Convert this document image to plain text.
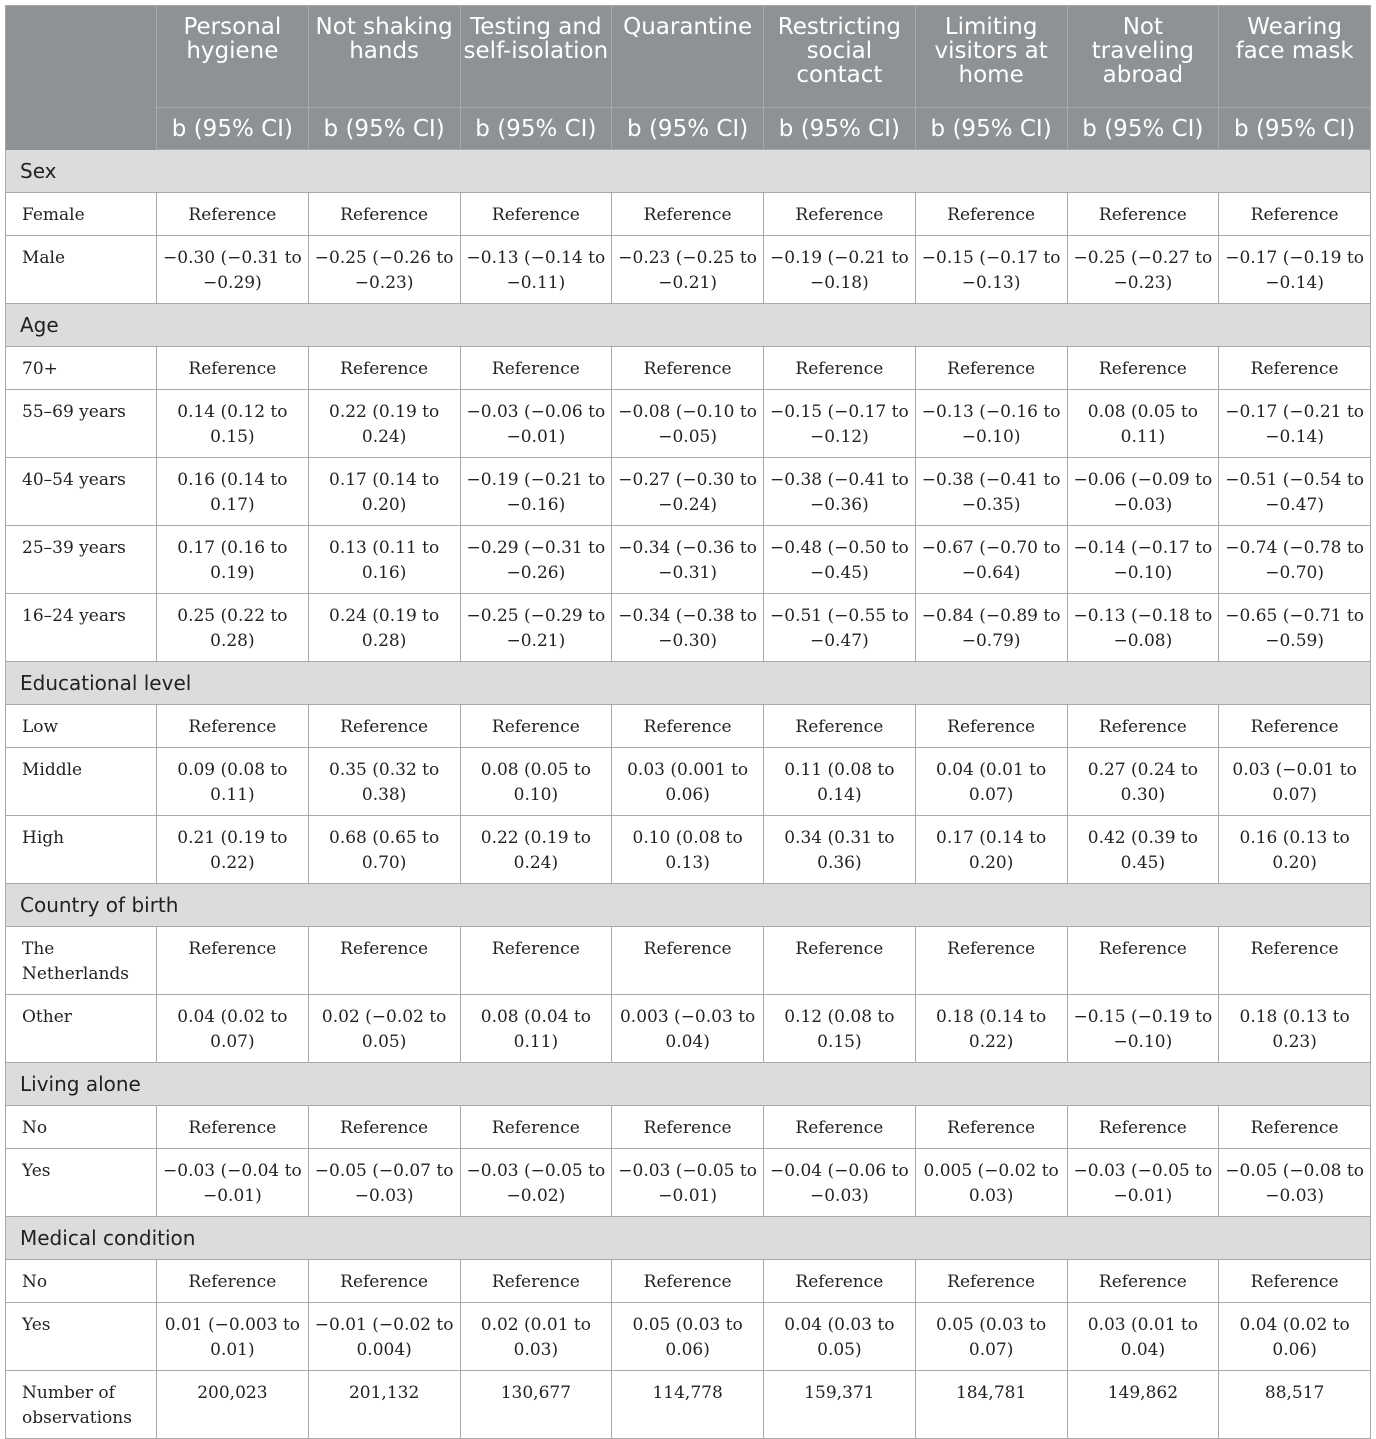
	Personal hygiene	Not shaking hands	Testing and self-isolation	Quarantine	Restricting social contact	Limiting visitors at home	Not traveling abroad	Wearing face mask
	b (95% CI)	b (95% CI)	b (95% CI)	b (95% CI)	b (95% CI)	b (95% CI)	b (95% CI)	b (95% CI)
Sex								
Female	Reference	Reference	Reference	Reference	Reference	Reference	Reference	Reference
Male	−0.30 (−0.31 to −0.29)	−0.25 (−0.26 to −0.23)	−0.13 (−0.14 to −0.11)	−0.23 (−0.25 to −0.21)	−0.19 (−0.21 to −0.18)	−0.15 (−0.17 to −0.13)	−0.25 (−0.27 to −0.23)	−0.17 (−0.19 to −0.14)
Age								
70+	Reference	Reference	Reference	Reference	Reference	Reference	Reference	Reference
55–69 years	0.14 (0.12 to 0.15)	0.22 (0.19 to 0.24)	−0.03 (−0.06 to −0.01)	−0.08 (−0.10 to −0.05)	−0.15 (−0.17 to −0.12)	−0.13 (−0.16 to −0.10)	0.08 (0.05 to 0.11)	−0.17 (−0.21 to −0.14)
40–54 years	0.16 (0.14 to 0.17)	0.17 (0.14 to 0.20)	−0.19 (−0.21 to −0.16)	−0.27 (−0.30 to −0.24)	−0.38 (−0.41 to −0.36)	−0.38 (−0.41 to −0.35)	−0.06 (−0.09 to −0.03)	−0.51 (−0.54 to −0.47)
25–39 years	0.17 (0.16 to 0.19)	0.13 (0.11 to 0.16)	−0.29 (−0.31 to −0.26)	−0.34 (−0.36 to −0.31)	−0.48 (−0.50 to −0.45)	−0.67 (−0.70 to −0.64)	−0.14 (−0.17 to −0.10)	−0.74 (−0.78 to −0.70)
16–24 years	0.25 (0.22 to 0.28)	0.24 (0.19 to 0.28)	−0.25 (−0.29 to −0.21)	−0.34 (−0.38 to −0.30)	−0.51 (−0.55 to −0.47)	−0.84 (−0.89 to −0.79)	−0.13 (−0.18 to −0.08)	−0.65 (−0.71 to −0.59)
Educational level								
Low	Reference	Reference	Reference	Reference	Reference	Reference	Reference	Reference
Middle	0.09 (0.08 to 0.11)	0.35 (0.32 to 0.38)	0.08 (0.05 to 0.10)	0.03 (0.001 to 0.06)	0.11 (0.08 to 0.14)	0.04 (0.01 to 0.07)	0.27 (0.24 to 0.30)	0.03 (−0.01 to 0.07)
High	0.21 (0.19 to 0.22)	0.68 (0.65 to 0.70)	0.22 (0.19 to 0.24)	0.10 (0.08 to 0.13)	0.34 (0.31 to 0.36)	0.17 (0.14 to 0.20)	0.42 (0.39 to 0.45)	0.16 (0.13 to 0.20)
Country of birth								
The Netherlands	Reference	Reference	Reference	Reference	Reference	Reference	Reference	Reference
Other	0.04 (0.02 to 0.07)	0.02 (−0.02 to 0.05)	0.08 (0.04 to 0.11)	0.003 (−0.03 to 0.04)	0.12 (0.08 to 0.15)	0.18 (0.14 to 0.22)	−0.15 (−0.19 to −0.10)	0.18 (0.13 to 0.23)
Living alone								
No	Reference	Reference	Reference	Reference	Reference	Reference	Reference	Reference
Yes	−0.03 (−0.04 to −0.01)	−0.05 (−0.07 to −0.03)	−0.03 (−0.05 to −0.02)	−0.03 (−0.05 to −0.01)	−0.04 (−0.06 to −0.03)	0.005 (−0.02 to 0.03)	−0.03 (−0.05 to −0.01)	−0.05 (−0.08 to −0.03)
Medical condition								
No	Reference	Reference	Reference	Reference	Reference	Reference	Reference	Reference
Yes	0.01 (−0.003 to 0.01)	−0.01 (−0.02 to 0.004)	0.02 (0.01 to 0.03)	0.05 (0.03 to 0.06)	0.04 (0.03 to 0.05)	0.05 (0.03 to 0.07)	0.03 (0.01 to 0.04)	0.04 (0.02 to 0.06)
Number of observations	200,023	201,132	130,677	114,778	159,371	184,781	149,862	88,517
